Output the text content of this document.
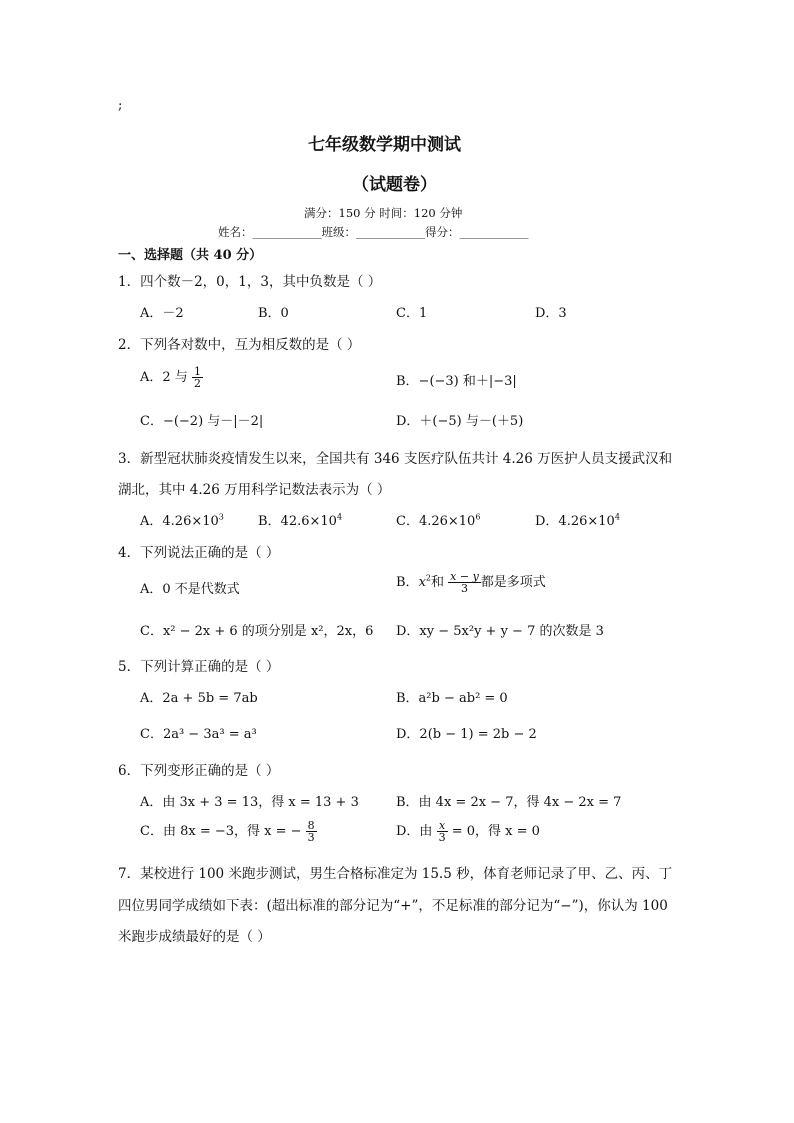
;
七年级数学期中测试
（试题卷）
满分：150 分 时间：120 分钟
姓名：____________班级：____________得分：____________
一、选择题（共 40 分）
1．四个数－2，0，1，3，其中负数是（ ）
A．－2	B．0	C．1	D．3
2．下列各对数中，互为相反数的是（ ）
A．2 与 $\frac{1}{2}$	B．−(−3) 和＋|−3|
C．−(−2) 与－|－2|	D．＋(−5) 与－(＋5)
3．新型冠状肺炎疫情发生以来，全国共有 346 支医疗队伍共计 4.26 万医护人员支援武汉和
湖北，其中 4.26 万用科学记数法表示为（ ）
A．$4.26\times 10^3$	B．$42.6\times 10^4$	C．$4.26\times 10^6$	D．$4.26\times 10^4$
4．下列说法正确的是（ ）
A．0 不是代数式	B．$x^2$和 $\frac{x - y}{3}$ 都是多项式
C．x² − 2x + 6 的项分别是 x²，2x，6 D．xy − 5x²y + y − 7 的次数是 3
5．下列计算正确的是（ ）
A．2a + 5b = 7ab	B．a²b − ab² = 0
C．2a³ − 3a³ = a³	D．2(b − 1) = 2b − 2
6．下列变形正确的是（ ）
A．由 3x + 3 = 13，得 x = 13 + 3	B．由 4x = 2x − 7，得 4x − 2x = 7
C．由 8x = −3，得 x = − $\frac{8}{3}$	D．由 $\frac{x}{3} = 0$，得 x = 0
7．某校进行 100 米跑步测试，男生合格标准定为 15.5 秒，体育老师记录了甲、乙、丙、丁
四位男同学成绩如下表：(超出标准的部分记为“+”，不足标准的部分记为“−”)，你认为 100
米跑步成绩最好的是（ ）
